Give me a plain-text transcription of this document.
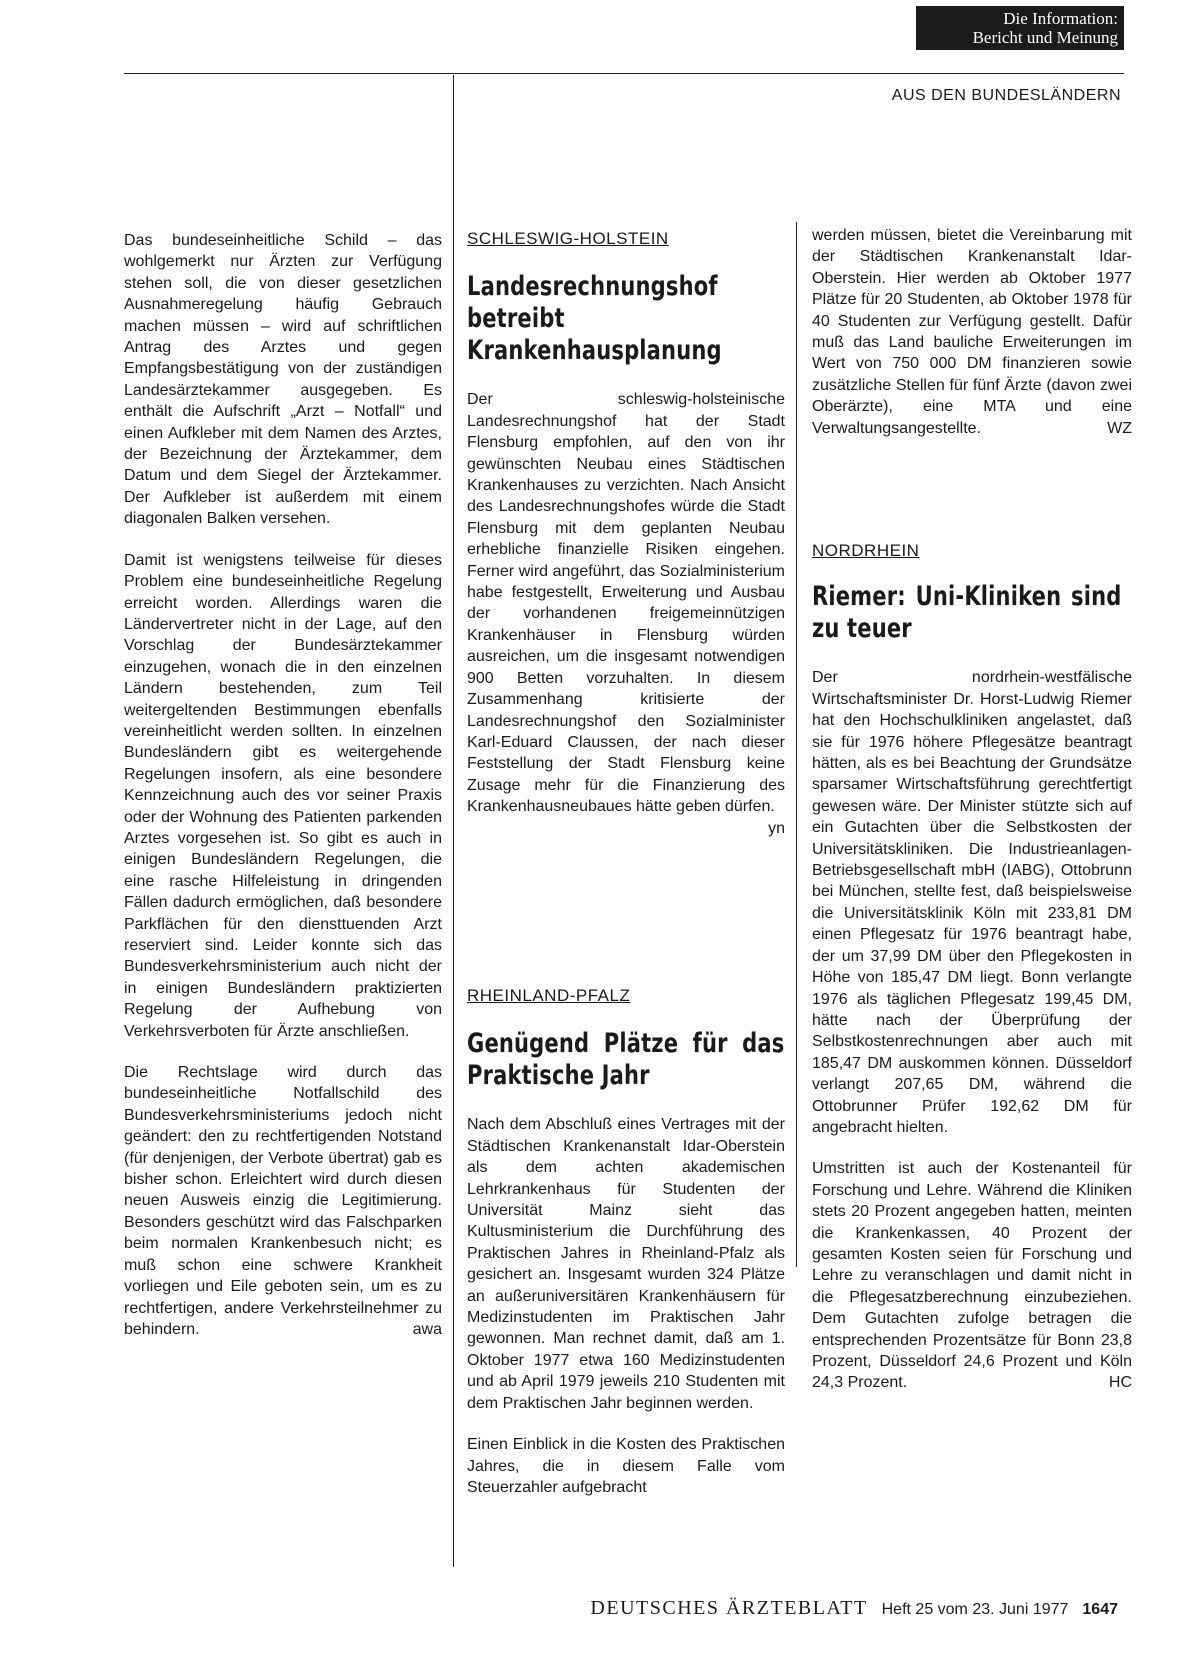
Die Information:
Bericht und Meinung
AUS DEN BUNDESLÄNDERN

Das bundeseinheitliche Schild – das wohlgemerkt nur Ärzten zur Verfügung stehen soll, die von dieser gesetzlichen Ausnahmeregelung häufig Gebrauch machen müssen – wird auf schriftlichen Antrag des Arztes und gegen Empfangsbestätigung von der zuständigen Landesärztekammer ausgegeben. Es enthält die Aufschrift „Arzt – Notfall“ und einen Aufkleber mit dem Namen des Arztes, der Bezeichnung der Ärztekammer, dem Datum und dem Siegel der Ärztekammer. Der Aufkleber ist außerdem mit einem diagonalen Balken versehen.

Damit ist wenigstens teilweise für dieses Problem eine bundeseinheitliche Regelung erreicht worden. Allerdings waren die Ländervertreter nicht in der Lage, auf den Vorschlag der Bundesärztekammer einzugehen, wonach die in den einzelnen Ländern bestehenden, zum Teil weitergeltenden Bestimmungen ebenfalls vereinheitlicht werden sollten. In einzelnen Bundesländern gibt es weitergehende Regelungen insofern, als eine besondere Kennzeichnung auch des vor seiner Praxis oder der Wohnung des Patienten parkenden Arztes vorgesehen ist. So gibt es auch in einigen Bundesländern Regelungen, die eine rasche Hilfeleistung in dringenden Fällen dadurch ermöglichen, daß besondere Parkflächen für den diensttuenden Arzt reserviert sind. Leider konnte sich das Bundesverkehrsministerium auch nicht der in einigen Bundesländern praktizierten Regelung der Aufhebung von Verkehrsverboten für Ärzte anschließen.

Die Rechtslage wird durch das bundeseinheitliche Notfallschild des Bundesverkehrsministeriums jedoch nicht geändert: den zu rechtfertigenden Notstand (für denjenigen, der Verbote übertrat) gab es bisher schon. Erleichtert wird durch diesen neuen Ausweis einzig die Legitimierung. Besonders geschützt wird das Falschparken beim normalen Krankenbesuch nicht; es muß schon eine schwere Krankheit vorliegen und Eile geboten sein, um es zu rechtfertigen, andere Verkehrsteilnehmer zu behindern.	awa

SCHLESWIG-HOLSTEIN

Landesrechnungshof betreibt Krankenhausplanung

Der schleswig-holsteinische Landesrechnungshof hat der Stadt Flensburg empfohlen, auf den von ihr gewünschten Neubau eines Städtischen Krankenhauses zu verzichten. Nach Ansicht des Landesrechnungshofes würde die Stadt Flensburg mit dem geplanten Neubau erhebliche finanzielle Risiken eingehen. Ferner wird angeführt, das Sozialministerium habe festgestellt, Erweiterung und Ausbau der vorhandenen freigemeinnützigen Krankenhäuser in Flensburg würden ausreichen, um die insgesamt notwendigen 900 Betten vorzuhalten. In diesem Zusammenhang kritisierte der Landesrechnungshof den Sozialminister Karl-Eduard Claussen, der nach dieser Feststellung der Stadt Flensburg keine Zusage mehr für die Finanzierung des Krankenhausneubaues hätte geben dürfen.
yn

RHEINLAND-PFALZ

Genügend Plätze für das Praktische Jahr

Nach dem Abschluß eines Vertrages mit der Städtischen Krankenanstalt Idar-Oberstein als dem achten akademischen Lehrkrankenhaus für Studenten der Universität Mainz sieht das Kultusministerium die Durchführung des Praktischen Jahres in Rheinland-Pfalz als gesichert an. Insgesamt wurden 324 Plätze an außeruniversitären Krankenhäusern für Medizinstudenten im Praktischen Jahr gewonnen. Man rechnet damit, daß am 1. Oktober 1977 etwa 160 Medizinstudenten und ab April 1979 jeweils 210 Studenten mit dem Praktischen Jahr beginnen werden.

Einen Einblick in die Kosten des Praktischen Jahres, die in diesem Falle vom Steuerzahler aufgebracht

werden müssen, bietet die Vereinbarung mit der Städtischen Krankenanstalt Idar-Oberstein. Hier werden ab Oktober 1977 Plätze für 20 Studenten, ab Oktober 1978 für 40 Studenten zur Verfügung gestellt. Dafür muß das Land bauliche Erweiterungen im Wert von 750 000 DM finanzieren sowie zusätzliche Stellen für fünf Ärzte (davon zwei Oberärzte), eine MTA und eine Verwaltungsangestellte.	WZ

NORDRHEIN

Riemer: Uni-Kliniken sind zu teuer

Der nordrhein-westfälische Wirtschaftsminister Dr. Horst-Ludwig Riemer hat den Hochschulkliniken angelastet, daß sie für 1976 höhere Pflegesätze beantragt hätten, als es bei Beachtung der Grundsätze sparsamer Wirtschaftsführung gerechtfertigt gewesen wäre. Der Minister stützte sich auf ein Gutachten über die Selbstkosten der Universitätskliniken. Die Industrieanlagen-Betriebsgesellschaft mbH (IABG), Ottobrunn bei München, stellte fest, daß beispielsweise die Universitätsklinik Köln mit 233,81 DM einen Pflegesatz für 1976 beantragt habe, der um 37,99 DM über den Pflegekosten in Höhe von 185,47 DM liegt. Bonn verlangte 1976 als täglichen Pflegesatz 199,45 DM, hätte nach der Überprüfung der Selbstkostenrechnungen aber auch mit 185,47 DM auskommen können. Düsseldorf verlangt 207,65 DM, während die Ottobrunner Prüfer 192,62 DM für angebracht hielten.

Umstritten ist auch der Kostenanteil für Forschung und Lehre. Während die Kliniken stets 20 Prozent angegeben hatten, meinten die Krankenkassen, 40 Prozent der gesamten Kosten seien für Forschung und Lehre zu veranschlagen und damit nicht in die Pflegesatzberechnung einzubeziehen. Dem Gutachten zufolge betragen die entsprechenden Prozentsätze für Bonn 23,8 Prozent, Düsseldorf 24,6 Prozent und Köln 24,3 Prozent.	HC

DEUTSCHES ÄRZTEBLATT Heft 25 vom 23. Juni 1977 1647
